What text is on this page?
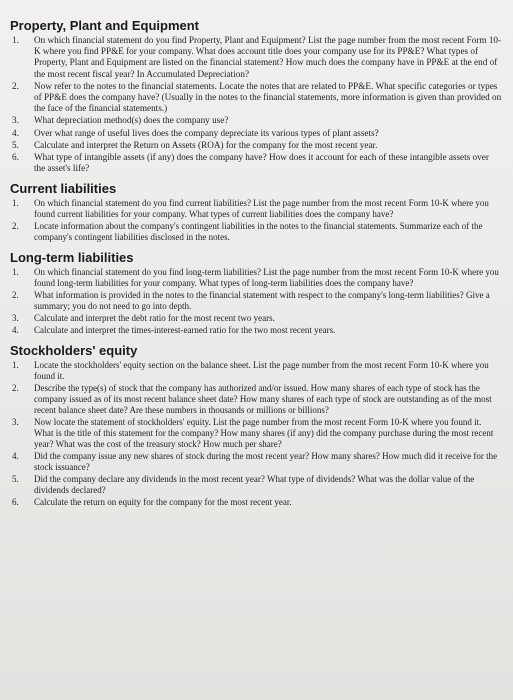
Property, Plant and Equipment
1.	On which financial statement do you find Property, Plant and Equipment? List the page number from the most recent Form 10-K where you find PP&E for your company. What does account title does your company use for its PP&E? What types of Property, Plant and Equipment are listed on the financial statement? How much does the company have in PP&E at the end of the most recent fiscal year? In Accumulated Depreciation?
2.	Now refer to the notes to the financial statements. Locate the notes that are related to PP&E. What specific categories or types of PP&E does the company have? (Usually in the notes to the financial statements, more information is given than provided on the face of the financial statements.)
3.	What depreciation method(s) does the company use?
4.	Over what range of useful lives does the company depreciate its various types of plant assets?
5.	Calculate and interpret the Return on Assets (ROA) for the company for the most recent year.
6.	What type of intangible assets (if any) does the company have? How does it account for each of these intangible assets over the asset's life?
Current liabilities
1.	On which financial statement do you find current liabilities? List the page number from the most recent Form 10-K where you found current liabilities for your company. What types of current liabilities does the company have?
2.	Locate information about the company's contingent liabilities in the notes to the financial statements. Summarize each of the company's contingent liabilities disclosed in the notes.
Long-term liabilities
1.	On which financial statement do you find long-term liabilities? List the page number from the most recent Form 10-K where you found long-term liabilities for your company. What types of long-term liabilities does the company have?
2.	What information is provided in the notes to the financial statement with respect to the company's long-term liabilities? Give a summary; you do not need to go into depth.
3.	Calculate and interpret the debt ratio for the most recent two years.
4.	Calculate and interpret the times-interest-earned ratio for the two most recent years.
Stockholders' equity
1.	Locate the stockholders' equity section on the balance sheet. List the page number from the most recent Form 10-K where you found it.
2.	Describe the type(s) of stock that the company has authorized and/or issued. How many shares of each type of stock has the company issued as of its most recent balance sheet date? How many shares of each type of stock are outstanding as of the most recent balance sheet date? Are these numbers in thousands or millions or billions?
3.	Now locate the statement of stockholders' equity. List the page number from the most recent Form 10-K where you found it. What is the title of this statement for the company? How many shares (if any) did the company purchase during the most recent year? What was the cost of the treasury stock? How much per share?
4.	Did the company issue any new shares of stock during the most recent year? How many shares? How much did it receive for the stock issuance?
5.	Did the company declare any dividends in the most recent year? What type of dividends? What was the dollar value of the dividends declared?
6.	Calculate the return on equity for the company for the most recent year.
